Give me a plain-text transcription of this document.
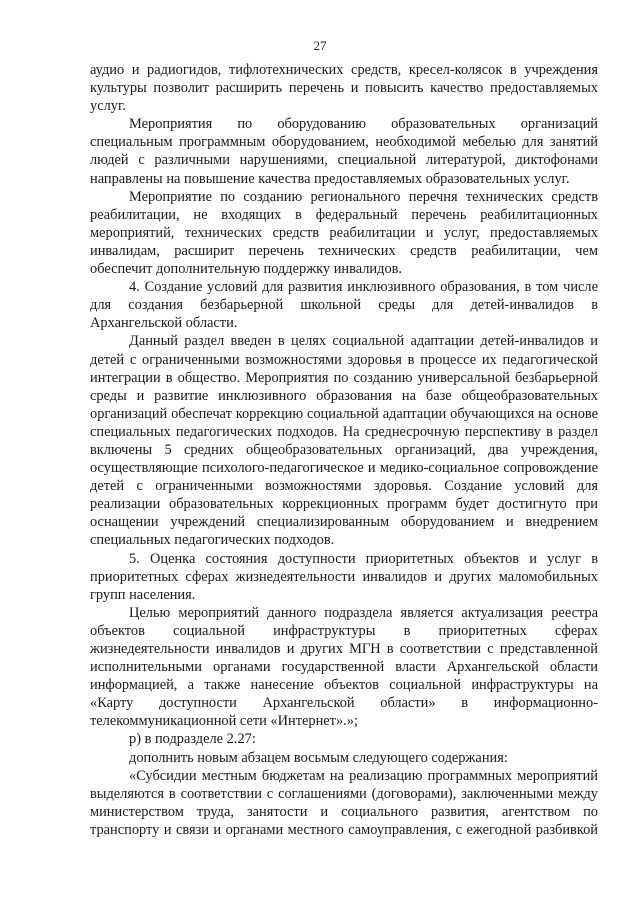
27

аудио и радиогидов, тифлотехнических средств, кресел-колясок в учреждения культуры позволит расширить перечень и повысить качество предоставляемых услуг.

Мероприятия по оборудованию образовательных организаций специальным программным оборудованием, необходимой мебелью для занятий людей с различными нарушениями, специальной литературой, диктофонами направлены на повышение качества предоставляемых образовательных услуг.

Мероприятие по созданию регионального перечня технических средств реабилитации, не входящих в федеральный перечень реабилитационных мероприятий, технических средств реабилитации и услуг, предоставляемых инвалидам, расширит перечень технических средств реабилитации, чем обеспечит дополнительную поддержку инвалидов.

4. Создание условий для развития инклюзивного образования, в том числе для создания безбарьерной школьной среды для детей-инвалидов в Архангельской области.

Данный раздел введен в целях социальной адаптации детей-инвалидов и детей с ограниченными возможностями здоровья в процессе их педагогической интеграции в общество. Мероприятия по созданию универсальной безбарьерной среды и развитие инклюзивного образования на базе общеобразовательных организаций обеспечат коррекцию социальной адаптации обучающихся на основе специальных педагогических подходов. На среднесрочную перспективу в раздел включены 5 средних общеобразовательных организаций, два учреждения, осуществляющие психолого-педагогическое и медико-социальное сопровождение детей с ограниченными возможностями здоровья. Создание условий для реализации образовательных коррекционных программ будет достигнуто при оснащении учреждений специализированным оборудованием и внедрением специальных педагогических подходов.

5. Оценка состояния доступности приоритетных объектов и услуг в приоритетных сферах жизнедеятельности инвалидов и других маломобильных групп населения.

Целью мероприятий данного подраздела является актуализация реестра объектов социальной инфраструктуры в приоритетных сферах жизнедеятельности инвалидов и других МГН в соответствии с представленной исполнительными органами государственной власти Архангельской области информацией, а также нанесение объектов социальной инфраструктуры на «Карту доступности Архангельской области» в информационно-телекоммуникационной сети «Интернет».»;

р) в подразделе 2.27:

дополнить новым абзацем восьмым следующего содержания:

«Субсидии местным бюджетам на реализацию программных мероприятий выделяются в соответствии с соглашениями (договорами), заключенными между министерством труда, занятости и социального развития, агентством по транспорту и связи и органами местного самоуправления, с ежегодной разбивкой
